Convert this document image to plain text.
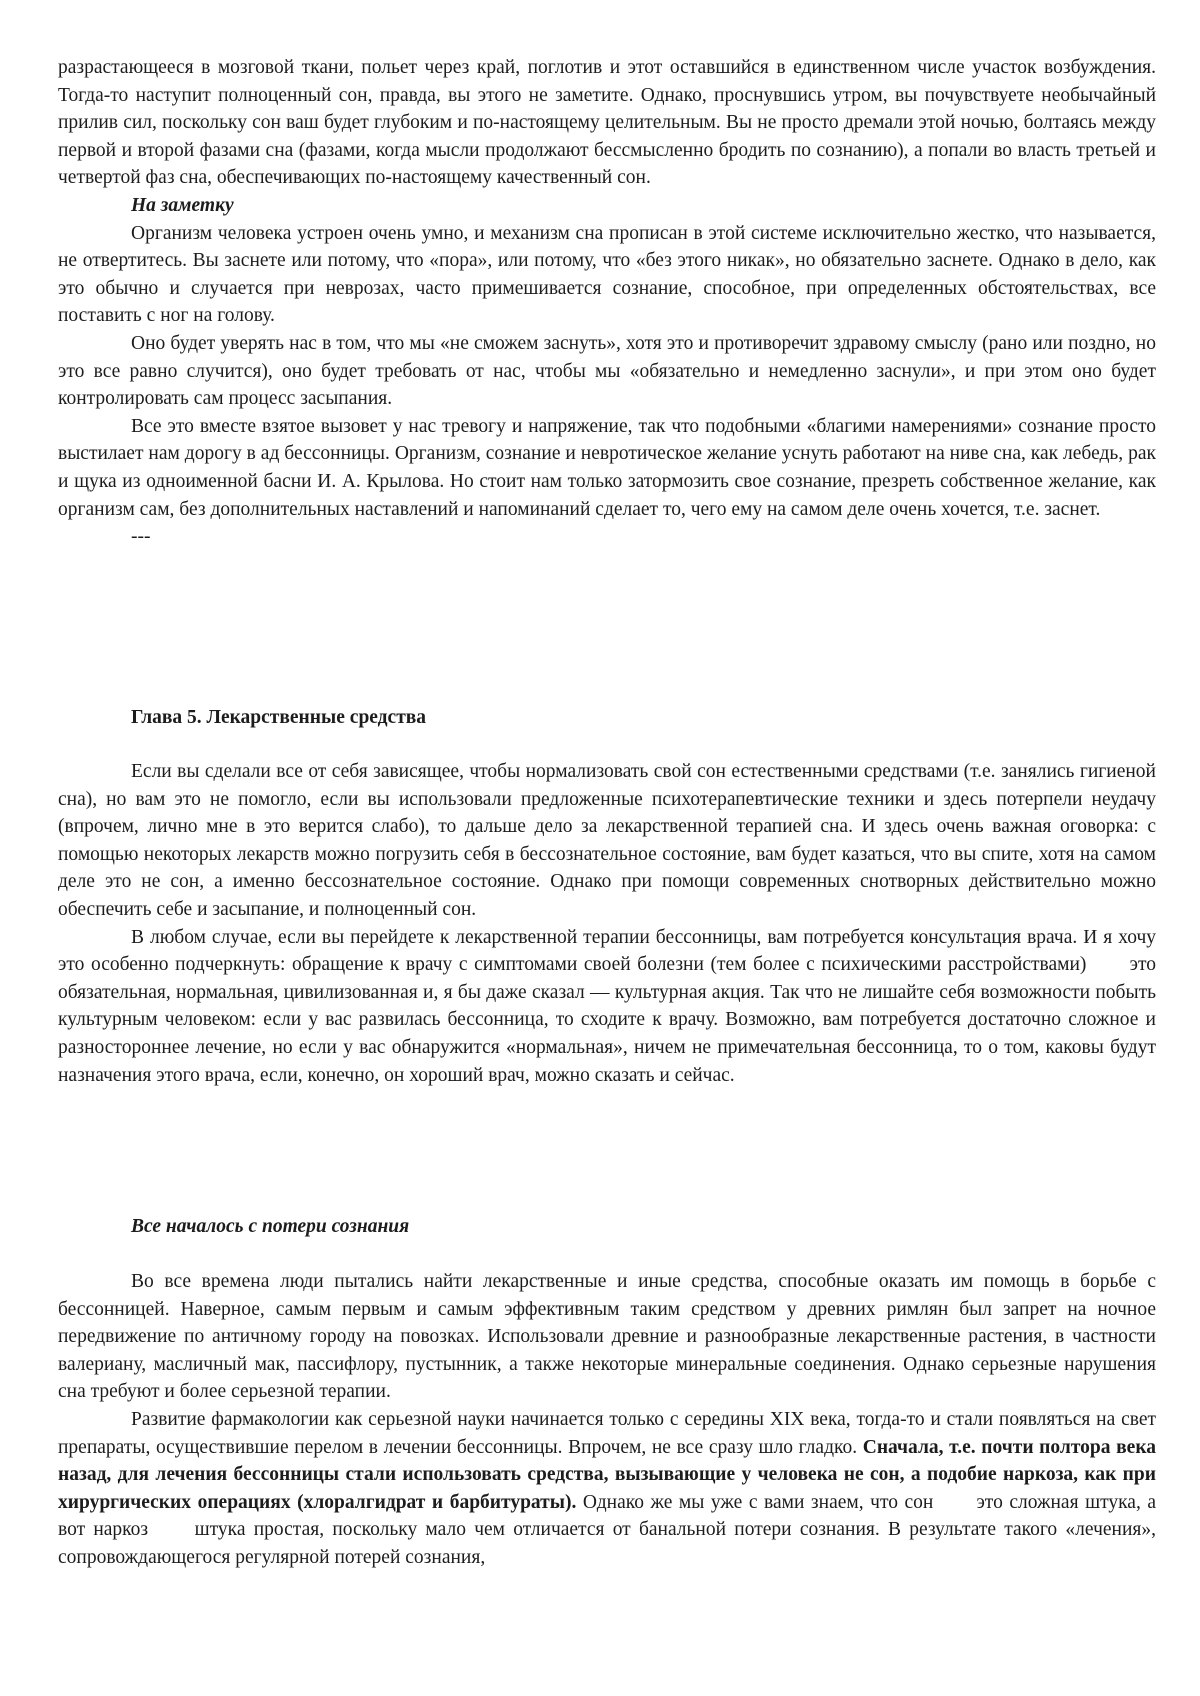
разрастающееся в мозговой ткани, польет через край, поглотив и этот оставшийся в единственном числе участок возбуждения. Тогда-то наступит полноценный сон, правда, вы этого не заметите. Однако, проснувшись утром, вы почувствуете необычайный прилив сил, поскольку сон ваш будет глубоким и по-настоящему целительным. Вы не просто дремали этой ночью, болтаясь между первой и второй фазами сна (фазами, когда мысли продолжают бессмысленно бродить по сознанию), а попали во власть третьей и четвертой фаз сна, обеспечивающих по-настоящему качественный сон.

На заметку

Организм человека устроен очень умно, и механизм сна прописан в этой системе исключительно жестко, что называется, не отвертитесь. Вы заснете или потому, что «пора», или потому, что «без этого никак», но обязательно заснете. Однако в дело, как это обычно и случается при неврозах, часто примешивается сознание, способное, при определенных обстоятельствах, все поставить с ног на голову.

Оно будет уверять нас в том, что мы «не сможем заснуть», хотя это и противоречит здравому смыслу (рано или поздно, но это все равно случится), оно будет требовать от нас, чтобы мы «обязательно и немедленно заснули», и при этом оно будет контролировать сам процесс засыпания.

Все это вместе взятое вызовет у нас тревогу и напряжение, так что подобными «благими намерениями» сознание просто выстилает нам дорогу в ад бессонницы. Организм, сознание и невротическое желание уснуть работают на ниве сна, как лебедь, рак и щука из одноименной басни И. А. Крылова. Но стоит нам только затормозить свое сознание, презреть собственное желание, как организм сам, без дополнительных наставлений и напоминаний сделает то, чего ему на самом деле очень хочется, т.е. заснет.

---

Глава 5. Лекарственные средства

Если вы сделали все от себя зависящее, чтобы нормализовать свой сон естественными средствами (т.е. занялись гигиеной сна), но вам это не помогло, если вы использовали предложенные психотерапевтические техники и здесь потерпели неудачу (впрочем, лично мне в это верится слабо), то дальше дело за лекарственной терапией сна. И здесь очень важная оговорка: с помощью некоторых лекарств можно погрузить себя в бессознательное состояние, вам будет казаться, что вы спите, хотя на самом деле это не сон, а именно бессознательное состояние. Однако при помощи современных снотворных действительно можно обеспечить себе и засыпание, и полноценный сон.

В любом случае, если вы перейдете к лекарственной терапии бессонницы, вам потребуется консультация врача. И я хочу это особенно подчеркнуть: обращение к врачу с симптомами своей болезни (тем более с психическими расстройствами) это обязательная, нормальная, цивилизованная и, я бы даже сказал — культурная акция. Так что не лишайте себя возможности побыть культурным человеком: если у вас развилась бессонница, то сходите к врачу. Возможно, вам потребуется достаточно сложное и разностороннее лечение, но если у вас обнаружится «нормальная», ничем не примечательная бессонница, то о том, каковы будут назначения этого врача, если, конечно, он хороший врач, можно сказать и сейчас.

Все началось с потери сознания

Во все времена люди пытались найти лекарственные и иные средства, способные оказать им помощь в борьбе с бессонницей. Наверное, самым первым и самым эффективным таким средством у древних римлян был запрет на ночное передвижение по античному городу на повозках. Использовали древние и разнообразные лекарственные растения, в частности валериану, масличный мак, пассифлору, пустынник, а также некоторые минеральные соединения. Однако серьезные нарушения сна требуют и более серьезной терапии.

Развитие фармакологии как серьезной науки начинается только с середины XIX века, тогда-то и стали появляться на свет препараты, осуществившие перелом в лечении бессонницы. Впрочем, не все сразу шло гладко. Сначала, т.е. почти полтора века назад, для лечения бессонницы стали использовать средства, вызывающие у человека не сон, а подобие наркоза, как при хирургических операциях (хлоралгидрат и барбитураты). Однако же мы уже с вами знаем, что сон это сложная штука, а вот наркоз штука простая, поскольку мало чем отличается от банальной потери сознания. В результате такого «лечения», сопровождающегося регулярной потерей сознания,
